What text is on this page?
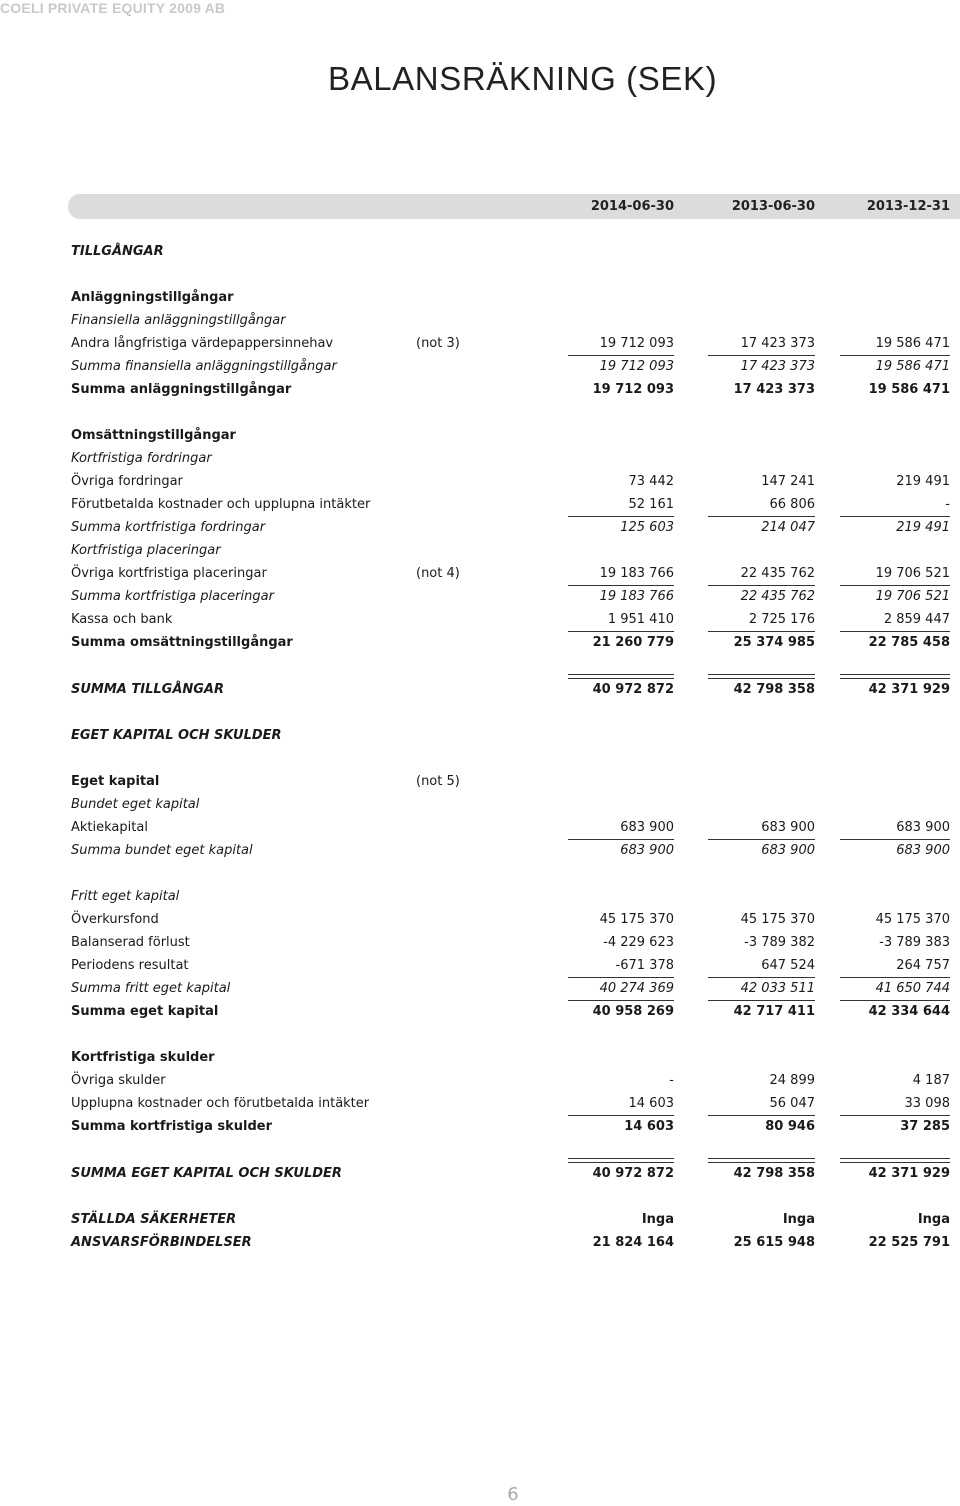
COELI PRIVATE EQUITY 2009 AB
BALANSRÄKNING (SEK)
2014-06-30	2013-06-30	2013-12-31
TILLGÅNGAR
Anläggningstillgångar
Finansiella anläggningstillgångar
Andra långfristiga värdepappersinnehav	(not 3)	19 712 093	17 423 373	19 586 471
Summa finansiella anläggningstillgångar	19 712 093	17 423 373	19 586 471
Summa anläggningstillgångar	19 712 093	17 423 373	19 586 471
Omsättningstillgångar
Kortfristiga fordringar
Övriga fordringar	73 442	147 241	219 491
Förutbetalda kostnader och upplupna intäkter	52 161	66 806	-
Summa kortfristiga fordringar	125 603	214 047	219 491
Kortfristiga placeringar
Övriga kortfristiga placeringar	(not 4)	19 183 766	22 435 762	19 706 521
Summa kortfristiga placeringar	19 183 766	22 435 762	19 706 521
Kassa och bank	1 951 410	2 725 176	2 859 447
Summa omsättningstillgångar	21 260 779	25 374 985	22 785 458
SUMMA TILLGÅNGAR	40 972 872	42 798 358	42 371 929
EGET KAPITAL OCH SKULDER
Eget kapital	(not 5)
Bundet eget kapital
Aktiekapital	683 900	683 900	683 900
Summa bundet eget kapital	683 900	683 900	683 900
Fritt eget kapital
Överkursfond	45 175 370	45 175 370	45 175 370
Balanserad förlust	-4 229 623	-3 789 382	-3 789 383
Periodens resultat	-671 378	647 524	264 757
Summa fritt eget kapital	40 274 369	42 033 511	41 650 744
Summa eget kapital	40 958 269	42 717 411	42 334 644
Kortfristiga skulder
Övriga skulder	-	24 899	4 187
Upplupna kostnader och förutbetalda intäkter	14 603	56 047	33 098
Summa kortfristiga skulder	14 603	80 946	37 285
SUMMA EGET KAPITAL OCH SKULDER	40 972 872	42 798 358	42 371 929
STÄLLDA SÄKERHETER	Inga	Inga	Inga
ANSVARSFÖRBINDELSER	21 824 164	25 615 948	22 525 791
6
